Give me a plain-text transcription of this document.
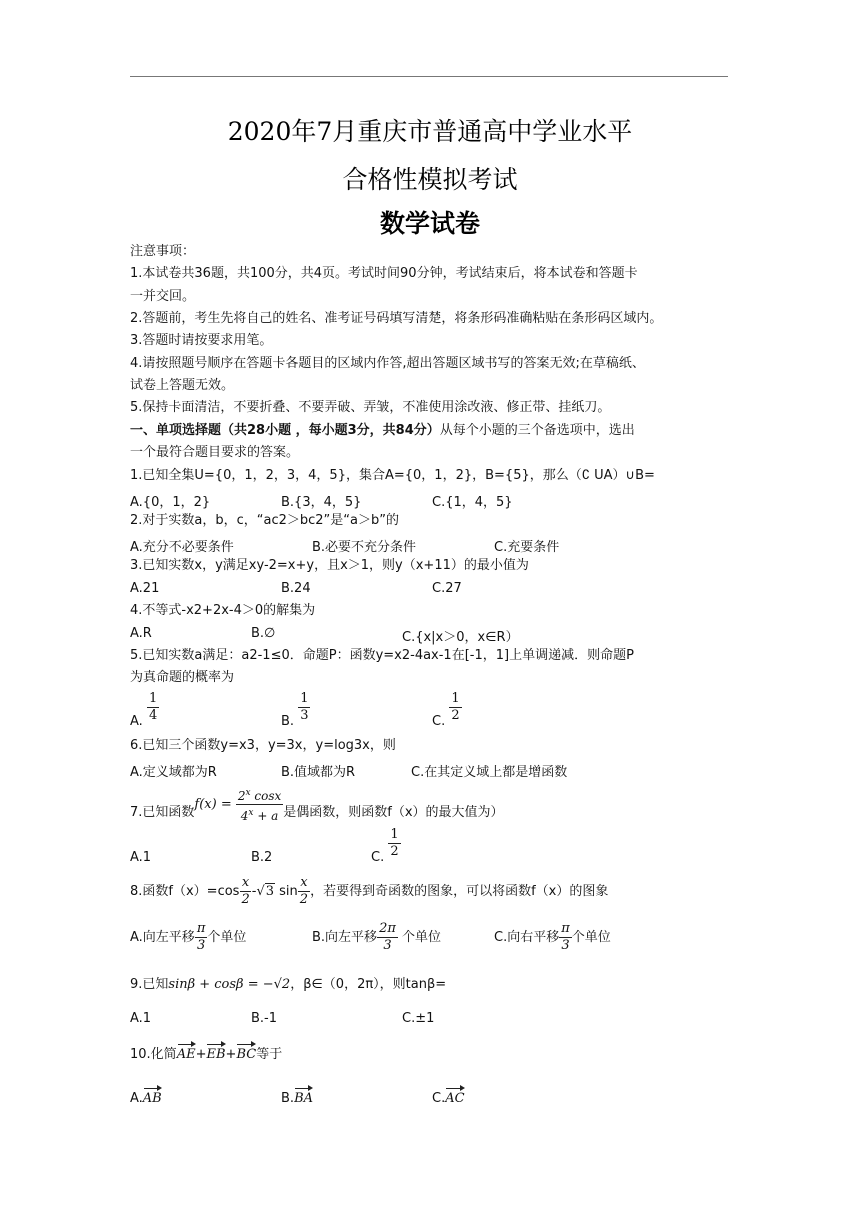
2020年7月重庆市普通高中学业水平
合格性模拟考试
数学试卷
注意事项：
1.本试卷共36题，共100分，共4页。考试时间90分钟，考试结束后，将本试卷和答题卡
一并交回。
2.答题前，考生先将自己的姓名、准考证号码填写清楚，将条形码准确粘贴在条形码区域内。
3.答题时请按要求用笔。
4.请按照题号顺序在答题卡各题目的区域内作答,超出答题区域书写的答案无效;在草稿纸、
试卷上答题无效。
5.保持卡面清洁，不要折叠、不要弄破、弄皱，不准使用涂改液、修正带、挂纸刀。
一、单项选择题（共28小题 ，每小题3分，共84分）从每个小题的三个备选项中，选出
一个最符合题目要求的答案。
1.已知全集U={0，1，2，3，4，5}，集合A={0，1，2}，B={5}，那么（∁ UA）∪B=
A.{0，1，2}	B.{3，4，5}	C.{1，4，5}
2.对于实数a，b，c，“ac2＞bc2”是“a＞b”的
A.充分不必要条件	B.必要不充分条件	C.充要条件
3.已知实数x，y满足xy-2=x+y，且x＞1，则y（x+11）的最小值为
A.21	B.24	C.27
4.不等式-x2+2x-4＞0的解集为
A.R	B.∅	C.{x|x＞0，x∈R）
5.已知实数a满足：a2-1≤0．命题P：函数y=x2-4ax-1在[-1，1]上单调递减．则命题P
为真命题的概率为
A. $\frac{1}{4}$	B. $\frac{1}{3}$	C. $\frac{1}{2}$
6.已知三个函数y=x3，y=3x，y=log3x，则
A.定义域都为R	B.值域都为R	C.在其定义域上都是增函数
7.已知函数$f(x) = \frac{2^x \cos x}{4^x + a}$ 是偶函数，则函数f（x）的最大值为）
A.1	B.2	C. $\frac{1}{2}$
8.函数$f(x)=\cos \frac{x}{2} -√3$ $\sin \frac{x}{2}$ ，若要得到奇函数的图象，可以将函数f（x）的图象
A.向左平移 $\frac{\pi}{3}$ 个单位	B.向左平移 $\frac{2\pi}{3}$ 个单位	C.向右平移 $\frac{\pi}{3}$ 个单位
9.已知sinβ + cosβ = −√2，β∈（0，2π），则tanβ=
A.1	B.-1	C.±1
10.化简AE+EB+BC等于
A.AB	B.BA	C.AC
